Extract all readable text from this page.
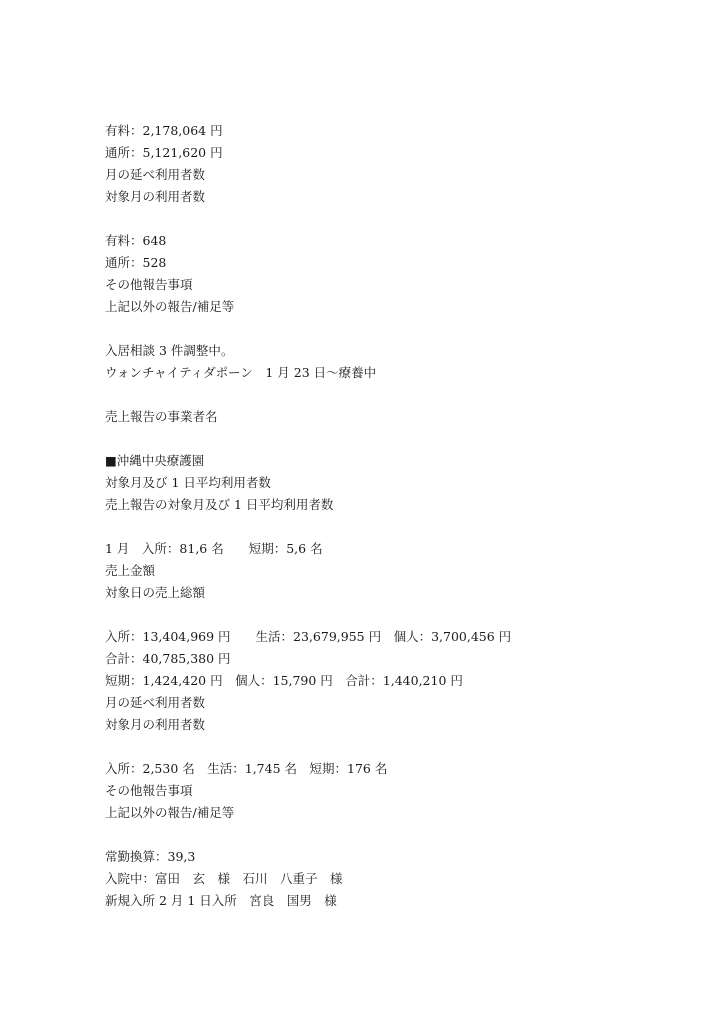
有料：2,178,064 円
通所：5,121,620 円
月の延べ利用者数
対象月の利用者数
有料：648
通所：528
その他報告事項
上記以外の報告/補足等
入居相談 3 件調整中。
ウォンチャイティダポーン　1 月 23 日〜療養中
売上報告の事業者名
■沖縄中央療護園
対象月及び 1 日平均利用者数
売上報告の対象月及び 1 日平均利用者数
1 月　入所：81,6 名　　短期：5,6 名
売上金額
対象日の売上総額
入所：13,404,969 円　　生活：23,679,955 円　個人：3,700,456 円
合計：40,785,380 円
短期：1,424,420 円　個人：15,790 円　合計：1,440,210 円
月の延べ利用者数
対象月の利用者数
入所：2,530 名　生活：1,745 名　短期：176 名
その他報告事項
上記以外の報告/補足等
常勤換算：39,3
入院中：富田　玄　様　石川　八重子　様
新規入所 2 月 1 日入所　宮良　国男　様
